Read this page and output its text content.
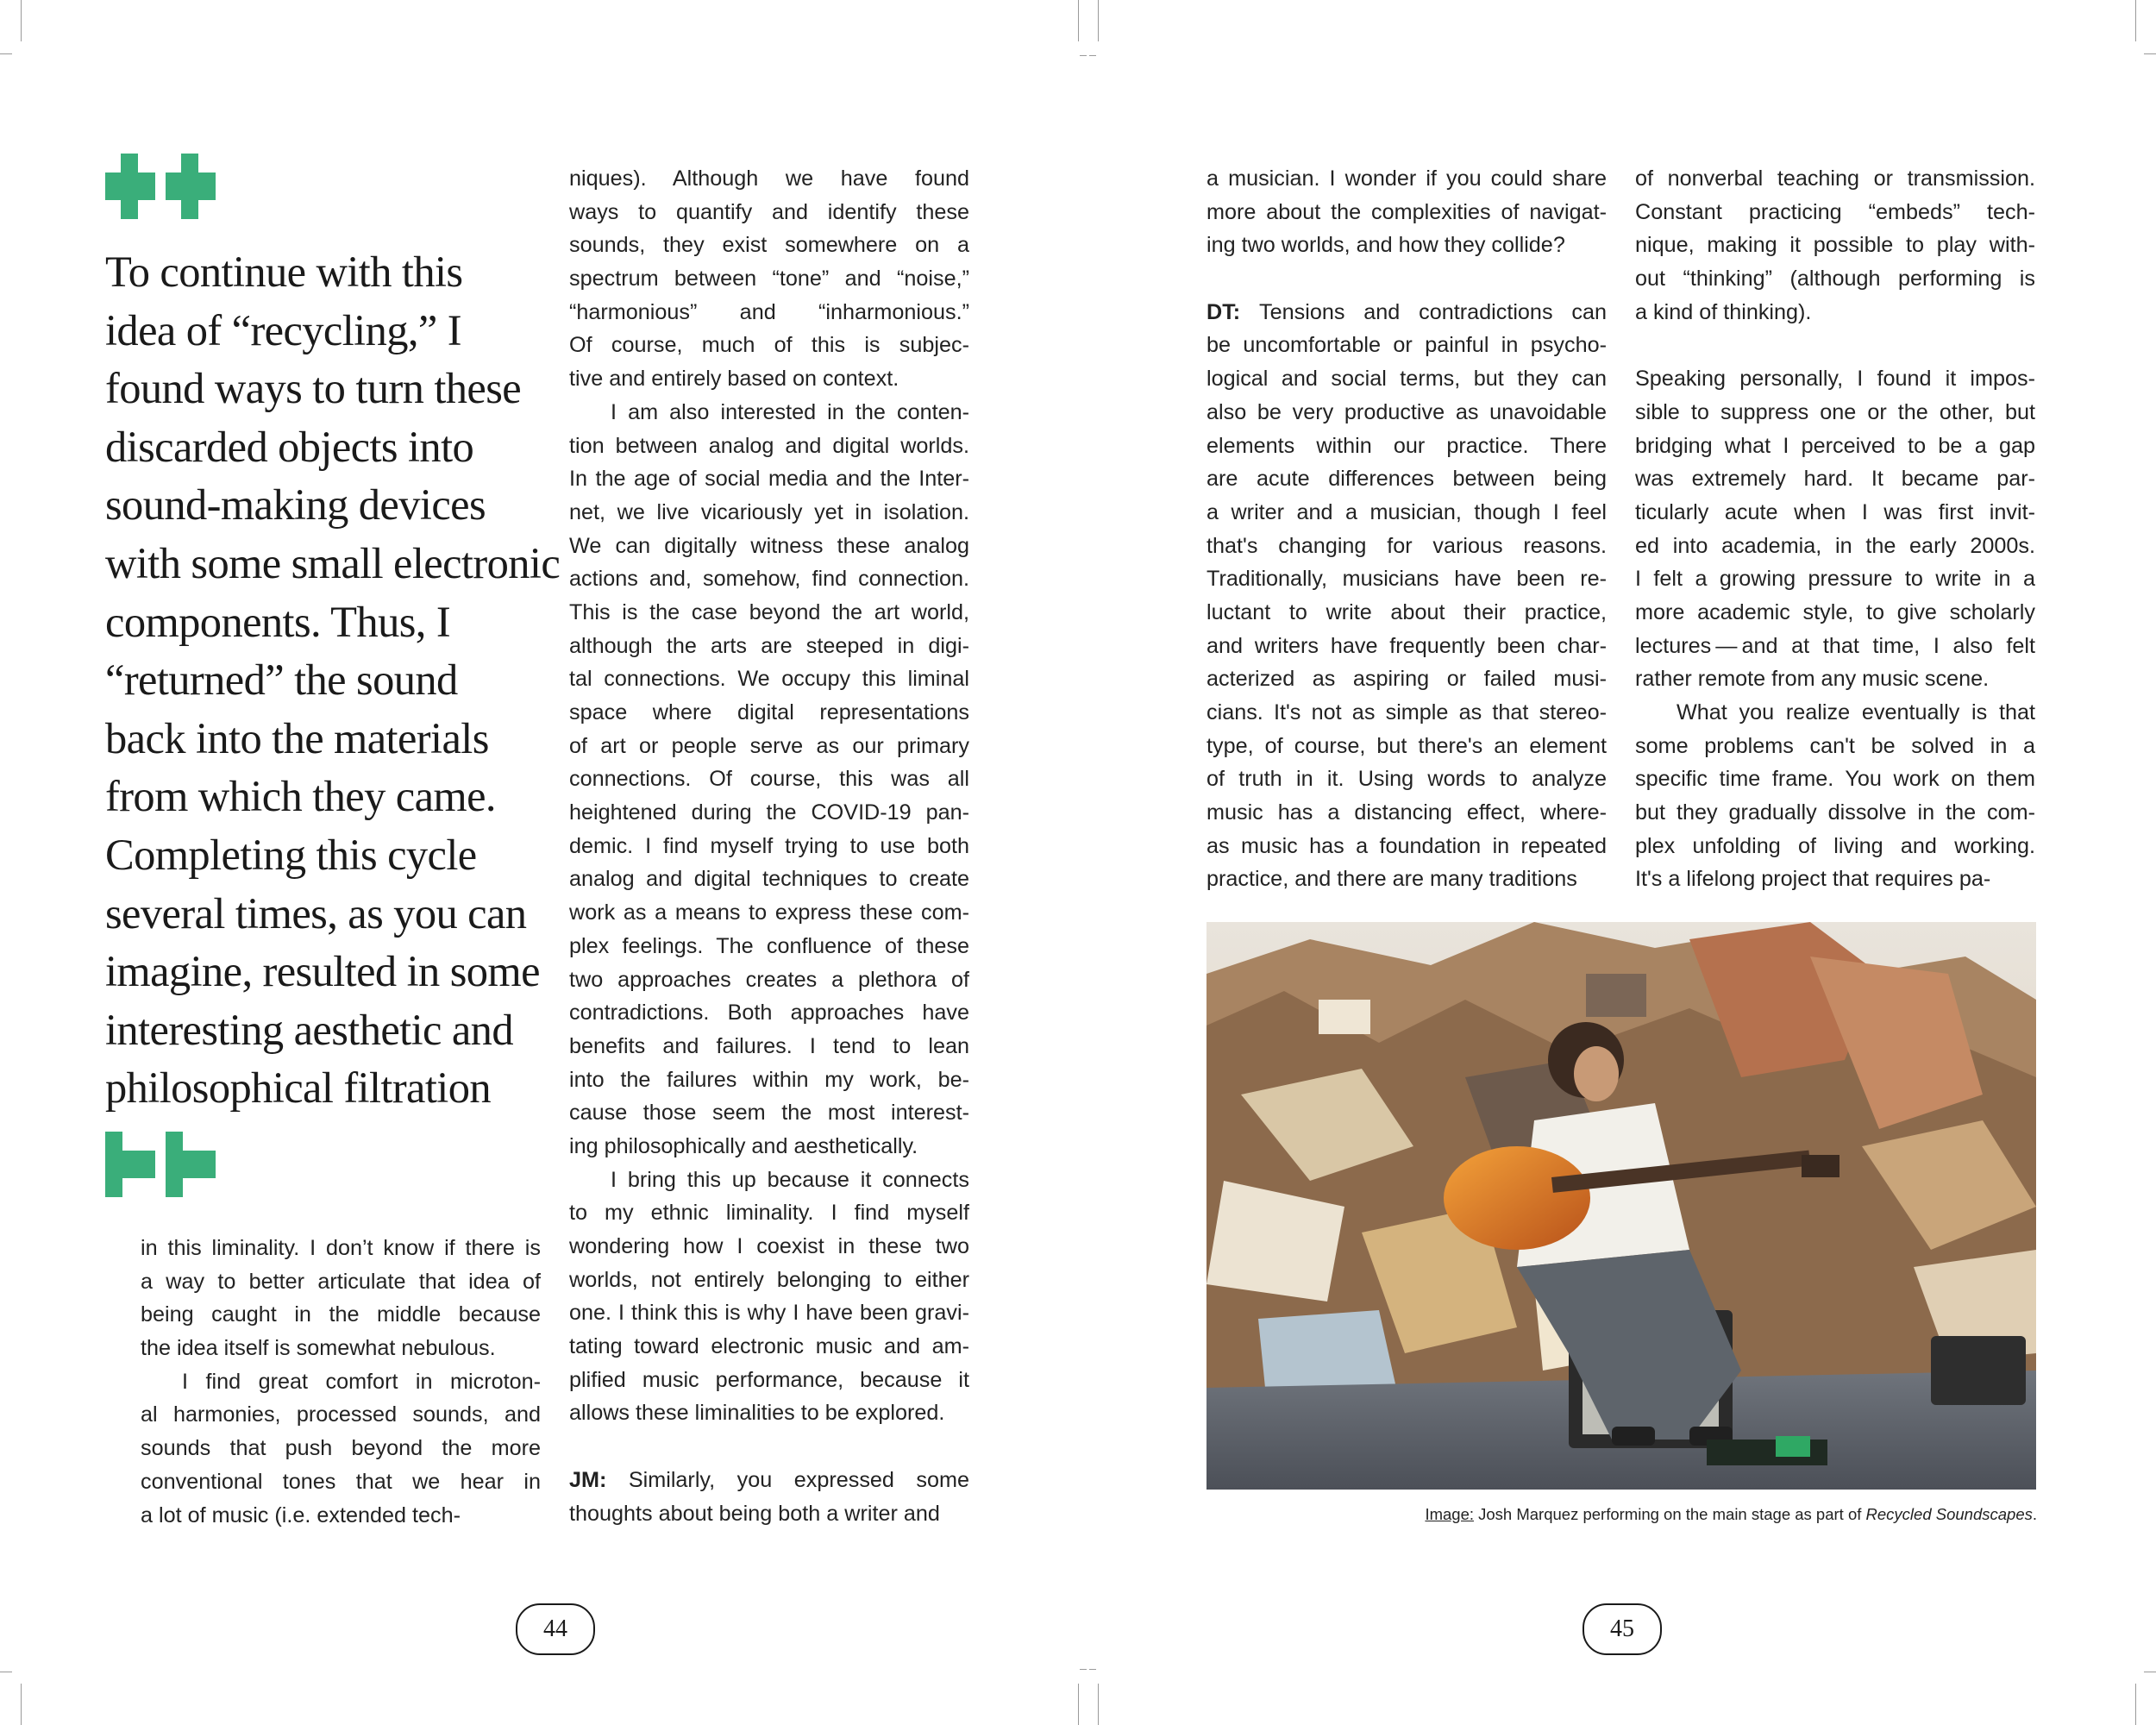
To continue with this
idea of “recycling,” I
found ways to turn these
discarded objects into
sound-making devices
with some small electronic
components. Thus, I
“returned” the sound
back into the materials
from which they came.
Completing this cycle
several times, as you can
imagine, resulted in some
interesting aesthetic and
philosophical filtration
in this liminality. I don’t know if there is
a way to better articulate that idea of
being caught in the middle because
the idea itself is somewhat nebulous.
I find great comfort in microton-
al harmonies, processed sounds, and
sounds that push beyond the more
conventional tones that we hear in
a lot of music (i.e. extended tech-
niques). Although we have found
ways to quantify and identify these
sounds, they exist somewhere on a
spectrum between “tone” and “noise,”
“harmonious” and “inharmonious.”
Of course, much of this is subjec-
tive and entirely based on context.
I am also interested in the conten-
tion between analog and digital worlds.
In the age of social media and the Inter-
net, we live vicariously yet in isolation.
We can digitally witness these analog
actions and, somehow, find connection.
This is the case beyond the art world,
although the arts are steeped in digi-
tal connections. We occupy this liminal
space where digital representations
of art or people serve as our primary
connections. Of course, this was all
heightened during the COVID-19 pan-
demic. I find myself trying to use both
analog and digital techniques to create
work as a means to express these com-
plex feelings. The confluence of these
two approaches creates a plethora of
contradictions. Both approaches have
benefits and failures. I tend to lean
into the failures within my work, be-
cause those seem the most interest-
ing philosophically and aesthetically.
I bring this up because it connects
to my ethnic liminality. I find myself
wondering how I coexist in these two
worlds, not entirely belonging to either
one. I think this is why I have been gravi-
tating toward electronic music and am-
plified music performance, because it
allows these liminalities to be explored.

JM: Similarly, you expressed some
thoughts about being both a writer and
a musician. I wonder if you could share
more about the complexities of navigat-
ing two worlds, and how they collide?

DT: Tensions and contradictions can
be uncomfortable or painful in psycho-
logical and social terms, but they can
also be very productive as unavoidable
elements within our practice. There
are acute differences between being
a writer and a musician, though I feel
that's changing for various reasons.
Traditionally, musicians have been re-
luctant to write about their practice,
and writers have frequently been char-
acterized as aspiring or failed musi-
cians. It's not as simple as that stereo-
type, of course, but there's an element
of truth in it. Using words to analyze
music has a distancing effect, where-
as music has a foundation in repeated
practice, and there are many traditions
of nonverbal teaching or transmission.
Constant practicing “embeds” tech-
nique, making it possible to play with-
out “thinking” (although performing is
a kind of thinking).

Speaking personally, I found it impos-
sible to suppress one or the other, but
bridging what I perceived to be a gap
was extremely hard. It became par-
ticularly acute when I was first invit-
ed into academia, in the early 2000s.
I felt a growing pressure to write in a
more academic style, to give scholarly
lectures — and at that time, I also felt
rather remote from any music scene.
What you realize eventually is that
some problems can't be solved in a
specific time frame. You work on them
but they gradually dissolve in the com-
plex unfolding of living and working.
It's a lifelong project that requires pa-
Image: Josh Marquez performing on the main stage as part of Recycled Soundscapes.
44	45
